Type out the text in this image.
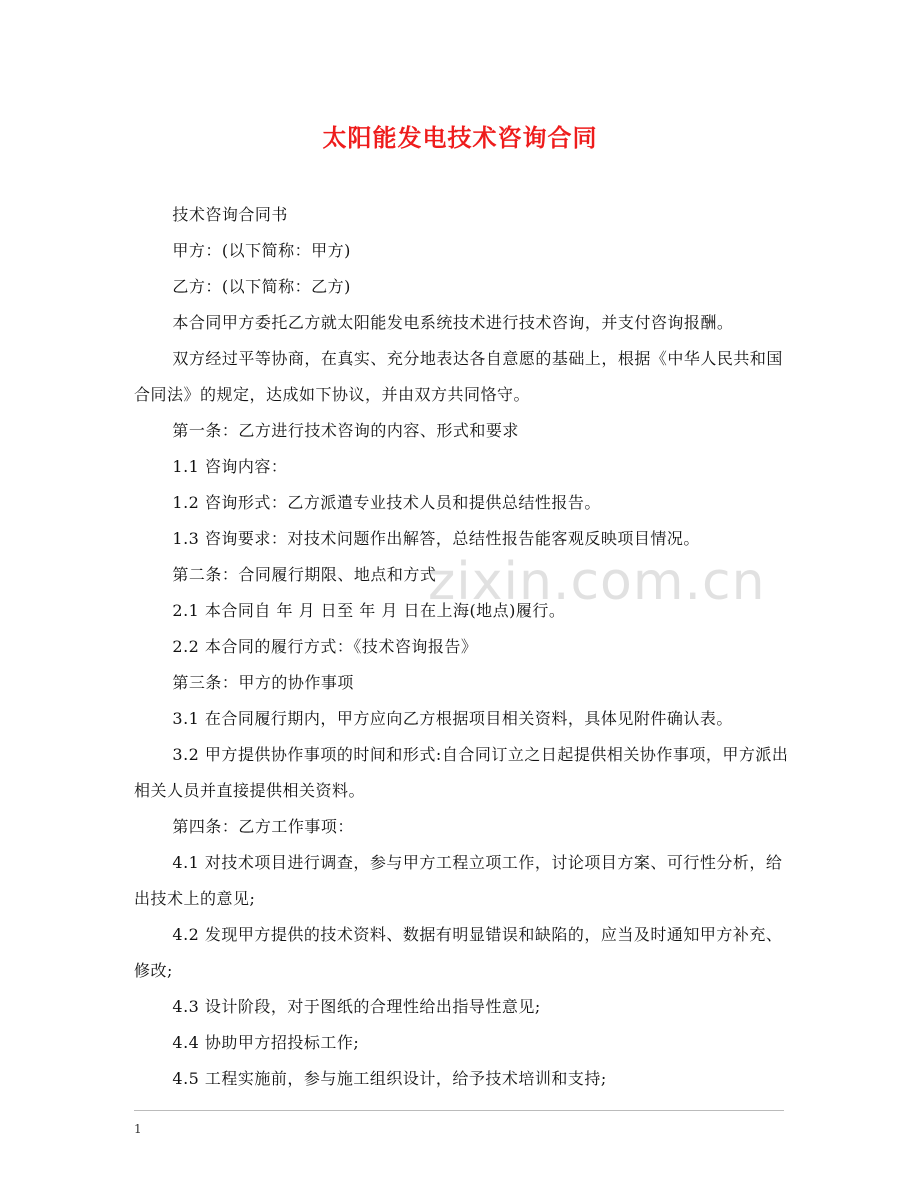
太阳能发电技术咨询合同

技术咨询合同书

甲方：(以下简称：甲方)

乙方：(以下简称：乙方)

本合同甲方委托乙方就太阳能发电系统技术进行技术咨询，并支付咨询报酬。

双方经过平等协商，在真实、充分地表达各自意愿的基础上，根据《中华人民共和国合同法》的规定，达成如下协议，并由双方共同恪守。

第一条：乙方进行技术咨询的内容、形式和要求

1.1 咨询内容：

1.2 咨询形式：乙方派遣专业技术人员和提供总结性报告。

1.3 咨询要求：对技术问题作出解答，总结性报告能客观反映项目情况。

第二条：合同履行期限、地点和方式

2.1 本合同自 年 月 日至 年 月 日在上海(地点)履行。

2.2 本合同的履行方式：《技术咨询报告》

第三条：甲方的协作事项

3.1 在合同履行期内，甲方应向乙方根据项目相关资料，具体见附件确认表。

3.2 甲方提供协作事项的时间和形式:自合同订立之日起提供相关协作事项，甲方派出相关人员并直接提供相关资料。

第四条：乙方工作事项：

4.1 对技术项目进行调查，参与甲方工程立项工作，讨论项目方案、可行性分析，给出技术上的意见;

4.2 发现甲方提供的技术资料、数据有明显错误和缺陷的，应当及时通知甲方补充、修改;

4.3 设计阶段，对于图纸的合理性给出指导性意见;

4.4 协助甲方招投标工作;

4.5 工程实施前，参与施工组织设计，给予技术培训和支持;

zixin.com.cn
1
